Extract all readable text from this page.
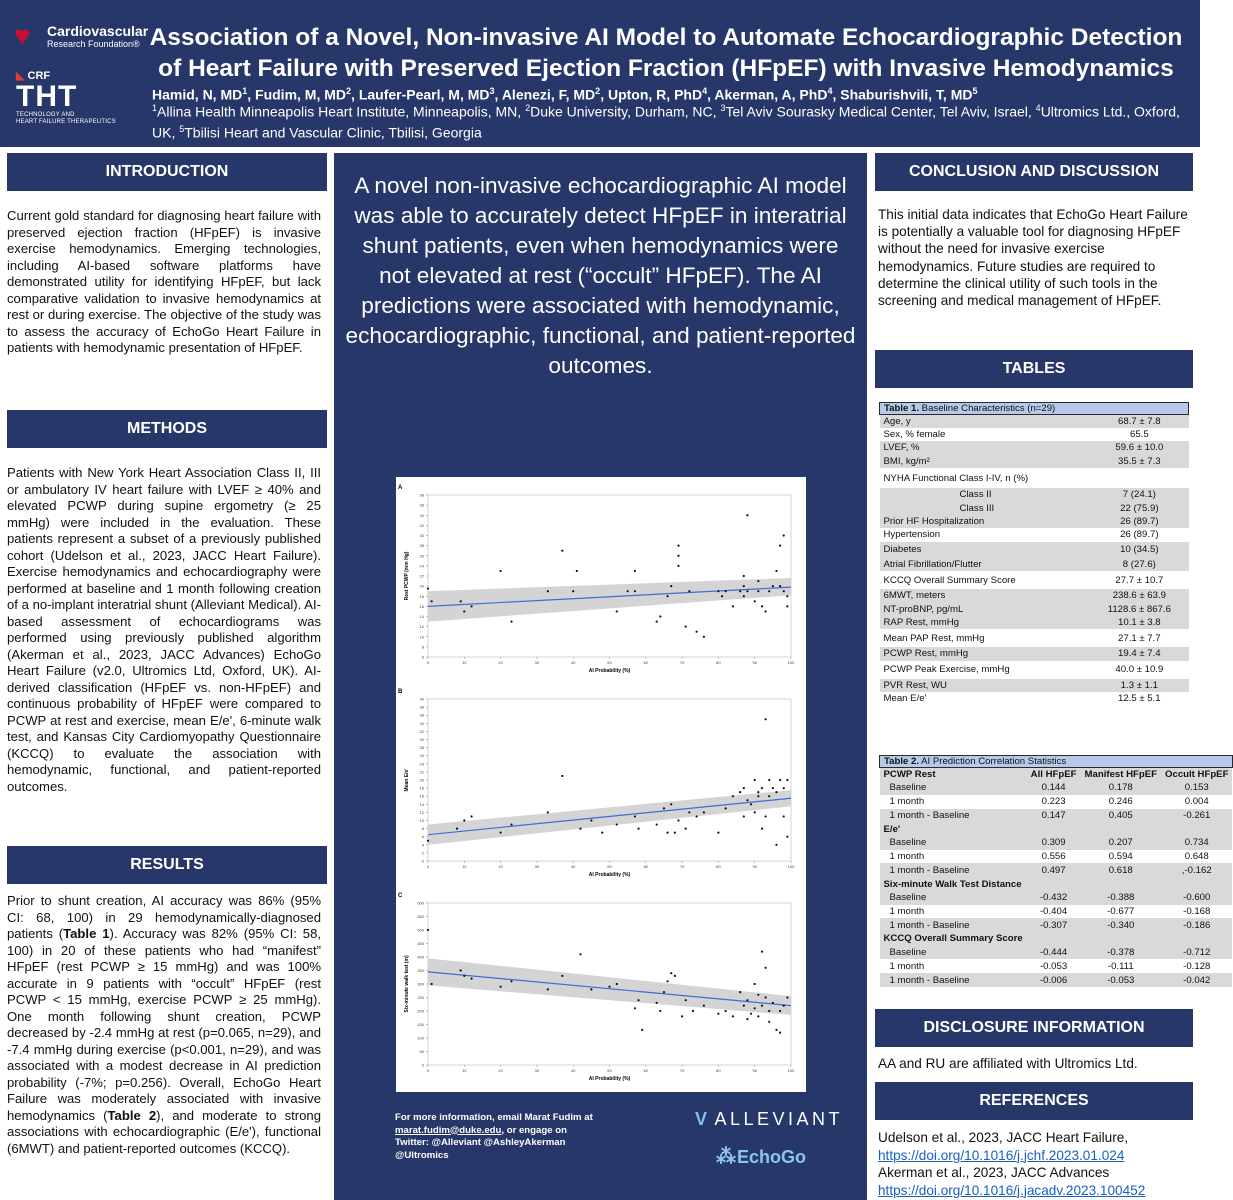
♥ Cardiovascular
Research Foundation®
◣ CRF
THT
TECHNOLOGY AND
HEART FAILURE THERAPEUTICS
Association of a Novel, Non-invasive AI Model to Automate Echocardiographic Detection
of Heart Failure with Preserved Ejection Fraction (HFpEF) with Invasive Hemodynamics
Hamid, N, $MD^1$, Fudim, M, $MD^2$, Laufer-Pearl, M, $MD^3$, Alenezi, F, $MD^2$, Upton, R, PhD$^4$, Akerman, A, PhD$^4$, Shaburishvili, T, $MD^5$
$^1$Allina Health Minneapolis Heart Institute, Minneapolis, MN, $^2$Duke University, Durham, NC, $^3$Tel Aviv Sourasky Medical Center, Tel Aviv, Israel, $^4$Ultromics Ltd., Oxford, UK, $^5$Tbilisi Heart and Vascular Clinic, Tbilisi, Georgia
INTRODUCTION
Current gold standard for diagnosing heart failure with preserved ejection fraction (HFpEF) is invasive exercise hemodynamics. Emerging technologies, including AI-based software platforms have demonstrated utility for identifying HFpEF, but lack comparative validation to invasive hemodynamics at rest or during exercise. The objective of the study was to assess the accuracy of EchoGo Heart Failure in patients with hemodynamic presentation of HFpEF.
METHODS
Patients with New York Heart Association Class II, III or ambulatory IV heart failure with LVEF ≥ 40% and elevated PCWP during supine ergometry (≥ 25 mmHg) were included in the evaluation. These patients represent a subset of a previously published cohort (Udelson et al., 2023, JACC Heart Failure). Exercise hemodynamics and echocardiography were performed at baseline and 1 month following creation of a no-implant interatrial shunt (Alleviant Medical). AI-based assessment of echocardiograms was performed using previously published algorithm (Akerman et al., 2023, JACC Advances) EchoGo Heart Failure (v2.0, Ultromics Ltd, Oxford, UK). AI-derived classification (HFpEF vs. non-HFpEF) and continuous probability of HFpEF were compared to PCWP at rest and exercise, mean E/e', 6-minute walk test, and Kansas City Cardiomyopathy Questionnaire (KCCQ) to evaluate the association with hemodynamic, functional, and patient-reported outcomes.
RESULTS
Prior to shunt creation, AI accuracy was 86% (95% CI: 68, 100) in 29 hemodynamically-diagnosed patients (Table 1). Accuracy was 82% (95% CI: 58, 100) in 20 of these patients who had “manifest” HFpEF (rest PCWP ≥ 15 mmHg) and was 100% accurate in 9 patients with “occult” HFpEF (rest PCWP < 15 mmHg, exercise PCWP ≥ 25 mmHg). One month following shunt creation, PCWP decreased by -2.4 mmHg at rest (p=0.065, n=29), and -7.4 mmHg during exercise (p<0.001, n=29), and was associated with a modest decrease in AI prediction probability (-7%; p=0.256). Overall, EchoGo Heart Failure was moderately associated with invasive hemodynamics (Table 2), and moderate to strong associations with echocardiographic (E/e'), functional (6MWT) and patient-reported outcomes (KCCQ).
A novel non-invasive echocardiographic AI model was able to accurately detect HFpEF in interatrial shunt patients, even when hemodynamics were not elevated at rest (“occult” HFpEF). The AI predictions were associated with hemodynamic, echocardiographic, functional, and patient-reported outcomes.
A
6
8
10
12
14
16
18
20
22
24
26
28
30
32
34
36
38
0	10	20	30	40	50	60	70	80	90	100
AI Probability (%)
Rest PCWP (mm Hg)
B
0
2
4
6
8
10
12
14
16
18
20
22
24
26
28
30
32
34
36
38
40
0	10	20	30	40	50	60	70	80	90	100
AI Probability (%)
Mean E/e'
C
0
50
100
150
200
250
300
350
400
450
500
550
600
0	10	20	30	40	50	60	70	80	90	100
AI Probability (%)
Six-minute walk test (m)
For more information, email Marat Fudim at marat.fudim@duke.edu, or engage on Twitter: @Alleviant @AshleyAkerman @Ultromics
V ALLEVIANT
⁂ EchoGo
CONCLUSION AND DISCUSSION
This initial data indicates that EchoGo Heart Failure is potentially a valuable tool for diagnosing HFpEF without the need for invasive exercise hemodynamics. Future studies are required to determine the clinical utility of such tools in the screening and medical management of HFpEF.
TABLES
Table 1. Baseline Characteristics (n=29)	
Age, y	68.7 ± 7.8
Sex, % female	65.5
LVEF, %	59.6 ± 10.0
BMI, kg/m²	35.5 ± 7.3
NYHA Functional Class I-IV, n (%)	
Class II	7 (24.1)
Class III	22 (75.9)
Prior HF Hospitalization	26 (89.7)
Hypertension	26 (89.7)
Diabetes	10 (34.5)
Atrial Fibrillation/Flutter	8 (27.6)
KCCQ Overall Summary Score	27.7 ± 10.7
6MWT, meters	238.6 ± 63.9
NT-proBNP, pg/mL	1128.6 ± 867.6
RAP Rest, mmHg	10.1 ± 3.8
Mean PAP Rest, mmHg	27.1 ± 7.7
PCWP Rest, mmHg	19.4 ± 7.4
PCWP Peak Exercise, mmHg	40.0 ± 10.9
PVR Rest, WU	1.3 ± 1.1
Mean E/e'	12.5 ± 5.1
Table 2. AI Prediction Correlation Statistics			
PCWP Rest	All HFpEF	Manifest HFpEF	Occult HFpEF
Baseline	0.144	0.178	0.153
1 month	0.223	0.246	0.004
1 month - Baseline	0.147	0.405	-0.261
E/e'			
Baseline	0.309	0.207	0.734
1 month	0.556	0.594	0.648
1 month - Baseline	0.497	0.618	,-0.162
Six-minute Walk Test Distance			
Baseline	-0.432	-0.388	-0.600
1 month	-0.404	-0.677	-0.168
1 month - Baseline	-0.307	-0.340	-0.186
KCCQ Overall Summary Score			
Baseline	-0.444	-0.378	-0.712
1 month	-0.053	-0.111	-0.128
1 month - Baseline	-0.006	-0.053	-0.042
DISCLOSURE INFORMATION
AA and RU are affiliated with Ultromics Ltd.
REFERENCES
Udelson et al., 2023, JACC Heart Failure,
https://doi.org/10.1016/j.jchf.2023.01.024
Akerman et al., 2023, JACC Advances
https://doi.org/10.1016/j.jacadv.2023.100452
